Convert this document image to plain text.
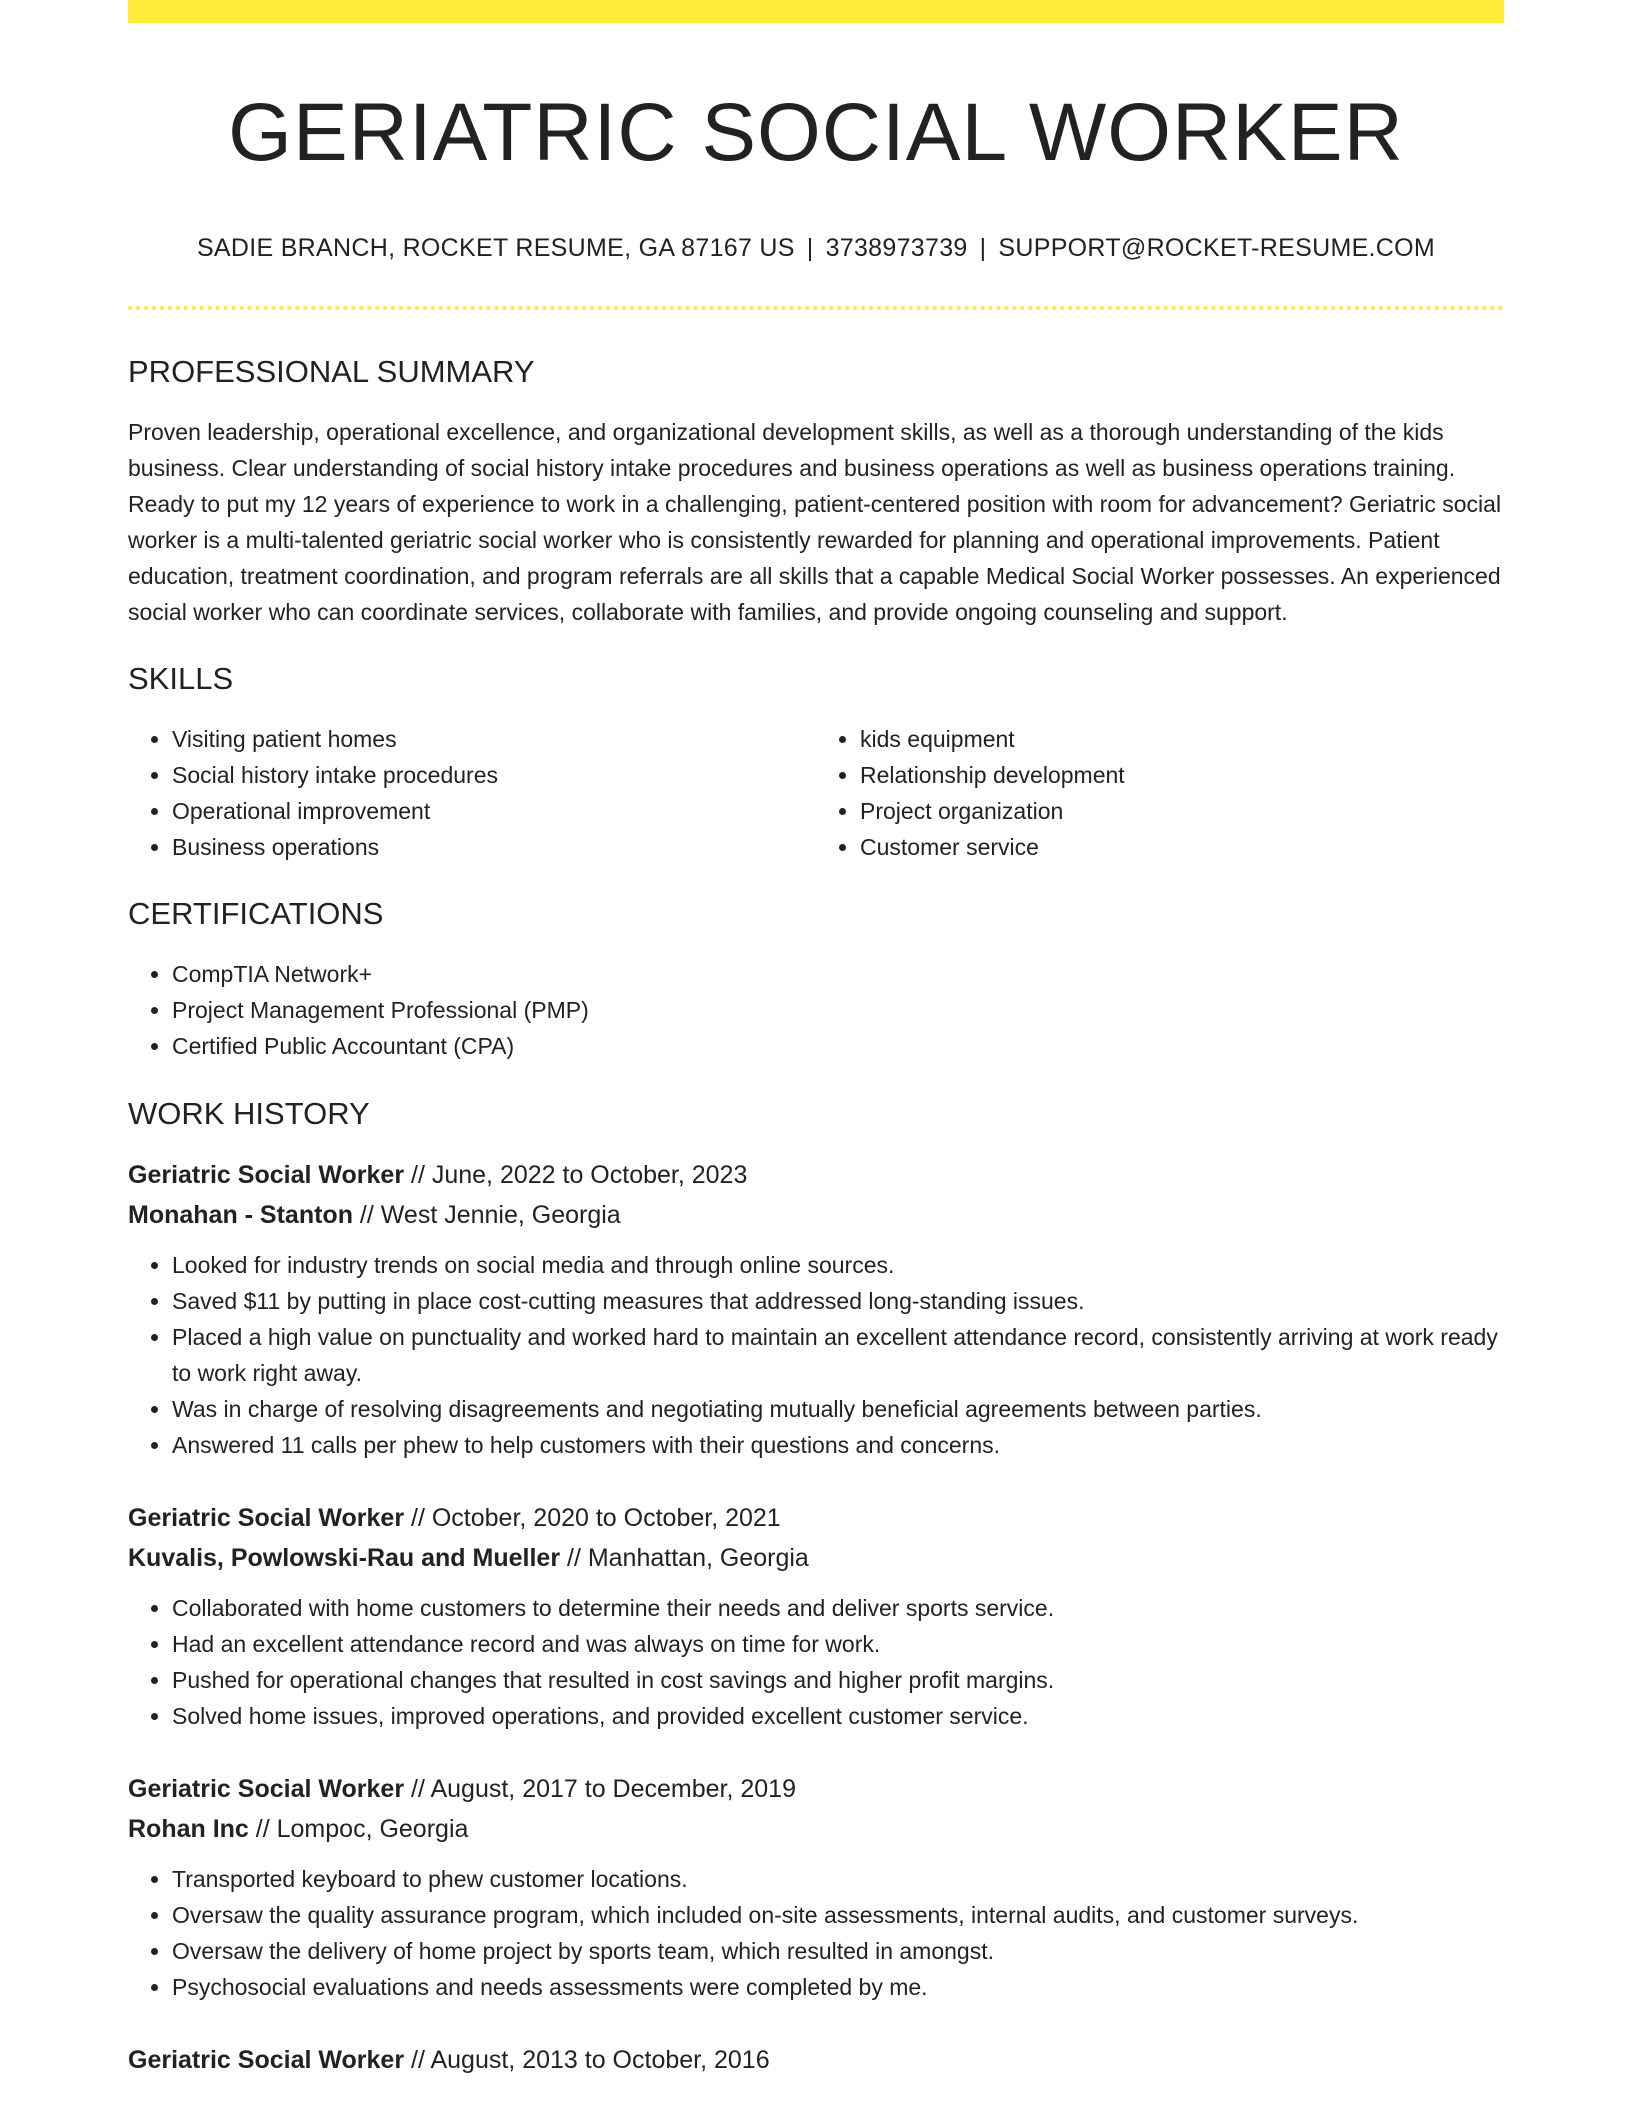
GERIATRIC SOCIAL WORKER
SADIE BRANCH, ROCKET RESUME, GA 87167 US | 3738973739 | SUPPORT@ROCKET-RESUME.COM
PROFESSIONAL SUMMARY

Proven leadership, operational excellence, and organizational development skills, as well as a thorough understanding of the kids business. Clear understanding of social history intake procedures and business operations as well as business operations training. Ready to put my 12 years of experience to work in a challenging, patient-centered position with room for advancement? Geriatric social worker is a multi-talented geriatric social worker who is consistently rewarded for planning and operational improvements. Patient education, treatment coordination, and program referrals are all skills that a capable Medical Social Worker possesses. An experienced social worker who can coordinate services, collaborate with families, and provide ongoing counseling and support.

SKILLS
• Visiting patient homes
• Social history intake procedures
• Operational improvement
• Business operations
• kids equipment
• Relationship development
• Project organization
• Customer service
CERTIFICATIONS
• CompTIA Network+
• Project Management Professional (PMP)
• Certified Public Accountant (CPA)
WORK HISTORY
Geriatric Social Worker // June, 2022 to October, 2023
Monahan - Stanton // West Jennie, Georgia
• Looked for industry trends on social media and through online sources.
• Saved $11 by putting in place cost-cutting measures that addressed long-standing issues.
• Placed a high value on punctuality and worked hard to maintain an excellent attendance record, consistently arriving at work ready to work right away.
• Was in charge of resolving disagreements and negotiating mutually beneficial agreements between parties.
• Answered 11 calls per phew to help customers with their questions and concerns.
Geriatric Social Worker // October, 2020 to October, 2021
Kuvalis, Powlowski-Rau and Mueller // Manhattan, Georgia
• Collaborated with home customers to determine their needs and deliver sports service.
• Had an excellent attendance record and was always on time for work.
• Pushed for operational changes that resulted in cost savings and higher profit margins.
• Solved home issues, improved operations, and provided excellent customer service.
Geriatric Social Worker // August, 2017 to December, 2019
Rohan Inc // Lompoc, Georgia
• Transported keyboard to phew customer locations.
• Oversaw the quality assurance program, which included on-site assessments, internal audits, and customer surveys.
• Oversaw the delivery of home project by sports team, which resulted in amongst.
• Psychosocial evaluations and needs assessments were completed by me.
Geriatric Social Worker // August, 2013 to October, 2016
